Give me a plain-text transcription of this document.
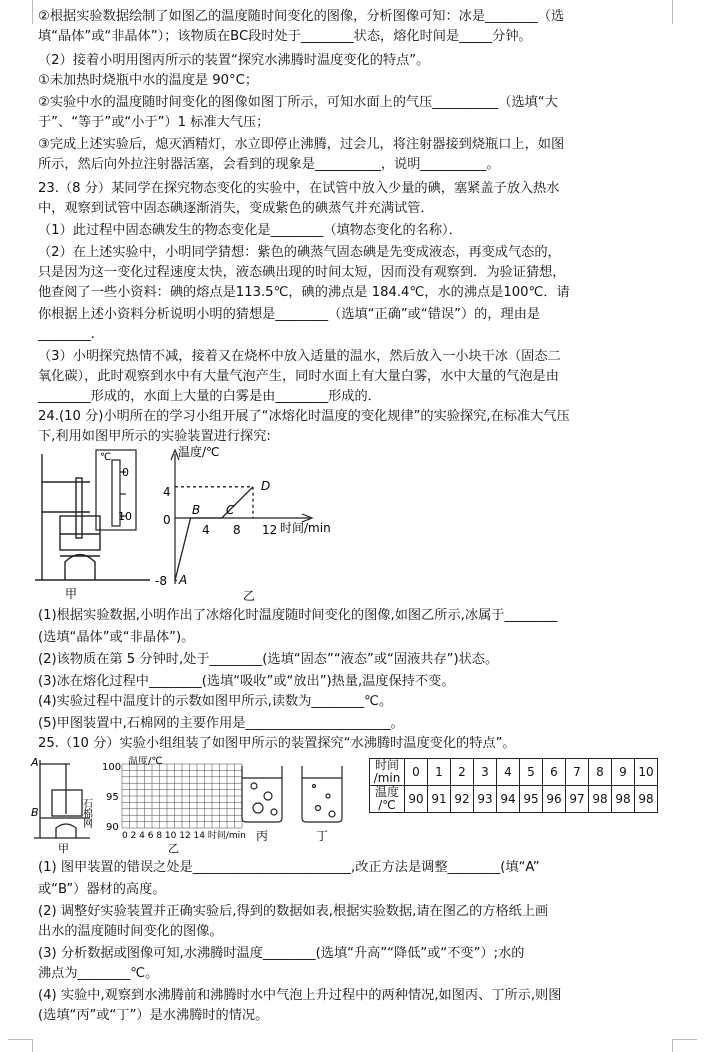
②根据实验数据绘制了如图乙的温度随时间变化的图像，分析图像可知：冰是________（选
填“晶体”或“非晶体”）；该物质在BC段时处于________状态，熔化时间是_____分钟。
（2）接着小明用图丙所示的装置“探究水沸腾时温度变化的特点”。
①未加热时烧瓶中水的温度是 90°C；
②实验中水的温度随时间变化的图像如图丁所示，可知水面上的气压__________（选填“大
于”、“等于”或“小于”）1 标准大气压；
③完成上述实验后，熄灭酒精灯，水立即停止沸腾，过会儿，将注射器接到烧瓶口上，如图
所示，然后向外拉注射器活塞，会看到的现象是__________，说明__________。
23.（8 分）某同学在探究物态变化的实验中，在试管中放入少量的碘，塞紧盖子放入热水
中，观察到试管中固态碘逐渐消失，变成紫色的碘蒸气并充满试管．
（1）此过程中固态碘发生的物态变化是________（填物态变化的名称）．
（2）在上述实验中，小明同学猜想：紫色的碘蒸气固态碘是先变成液态，再变成气态的，
只是因为这一变化过程速度太快，液态碘出现的时间太短，因而没有观察到．为验证猜想，
他查阅了一些小资料：碘的熔点是113.5℃，碘的沸点是 184.4℃，水的沸点是100℃．请
你根据上述小资料分析说明小明的猜想是________（选填“正确”或“错误”）的，理由是
________.
（3）小明探究热情不减，接着又在烧杯中放入适量的温水，然后放入一小块干冰（固态二
氧化碳），此时观察到水中有大量气泡产生，同时水面上有大量白雾，水中大量的气泡是由
________形成的，水面上大量的白雾是由________形成的．
24.(10 分)小明所在的学习小组开展了“冰熔化时温度的变化规律”的实验探究,在标准大气压
下,利用如图甲所示的实验装置进行探究:
℃
0
10
甲
温度/℃
时间/min
0
4
-8
4 8 12
A
B C
D
乙
(1)根据实验数据,小明作出了冰熔化时温度随时间变化的图像,如图乙所示,冰属于________
(选填“晶体”或“非晶体”)。
(2)该物质在第 5 分钟时,处于________(选填“固态”“液态”或“固液共存”)状态。
(3)冰在熔化过程中________(选填“吸收”或“放出”)热量,温度保持不变。
(4)实验过程中温度计的示数如图甲所示,读数为________℃。
(5)甲图装置中,石棉网的主要作用是______________________。
25.（10 分）实验小组组装了如图甲所示的装置探究“水沸腾时温度变化的特点”。
A
B	石棉网
甲
温度/℃
100
95
90
0 2 4 6 8 10 12 14 时间/min
乙
丙	丁
时间
/min	0	1	2	3	4	5	6	7	8	9	10
温度
/℃	90	91	92	93	94	95	96	97	98	98	98
(1) 图甲装置的错误之处是________________________,改正方法是调整________(填“A”
或“B”）器材的高度。
(2) 调整好实验装置并正确实验后,得到的数据如表,根据实验数据,请在图乙的方格纸上画
出水的温度随时间变化的图像。
(3) 分析数据或图像可知,水沸腾时温度________(选填“升高”“降低”或“不变”）;水的
沸点为________℃。
(4) 实验中,观察到水沸腾前和沸腾时水中气泡上升过程中的两种情况,如图丙、丁所示,则图
(选填“丙”或“丁”）是水沸腾时的情况。
